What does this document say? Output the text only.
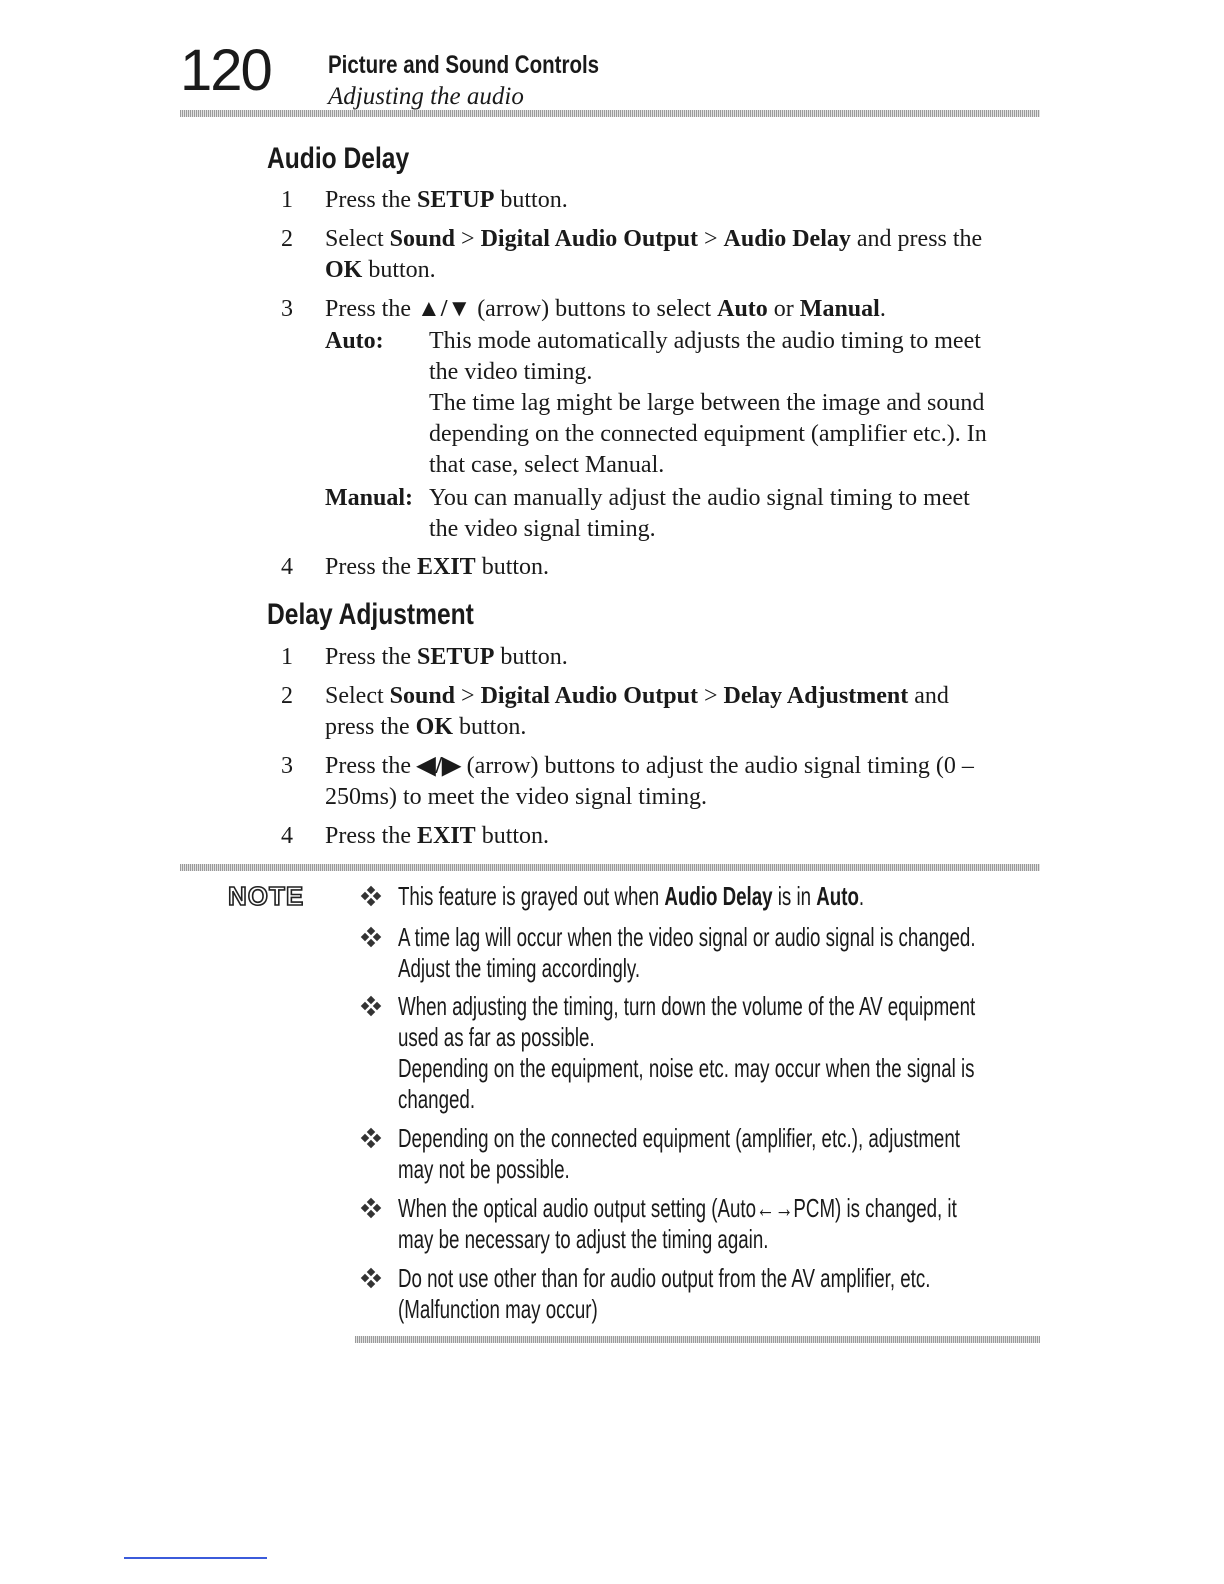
120 Picture and Sound Controls
Adjusting the audio
Audio Delay
1 Press the SETUP button.
2 Select Sound > Digital Audio Output > Audio Delay and press the
OK button.
3 Press the ▲/▼ (arrow) buttons to select Auto or Manual.
Auto: This mode automatically adjusts the audio timing to meet
the video timing.
The time lag might be large between the image and sound
depending on the connected equipment (amplifier etc.). In
that case, select Manual.
Manual: You can manually adjust the audio signal timing to meet
the video signal timing.
4 Press the EXIT button.
Delay Adjustment
1 Press the SETUP button.
2 Select Sound > Digital Audio Output > Delay Adjustment and
press the OK button.
3 Press the ◀/▶ (arrow) buttons to adjust the audio signal timing (0 –
250ms) to meet the video signal timing.
4 Press the EXIT button.
NOTE	This feature is grayed out when Audio Delay is in Auto.
A time lag will occur when the video signal or audio signal is changed.
Adjust the timing accordingly.
When adjusting the timing, turn down the volume of the AV equipment
used as far as possible.
Depending on the equipment, noise etc. may occur when the signal is
changed.
Depending on the connected equipment (amplifier, etc.), adjustment
may not be possible.
When the optical audio output setting (Auto←→PCM) is changed, it
may be necessary to adjust the timing again.
Do not use other than for audio output from the AV amplifier, etc.
(Malfunction may occur)
